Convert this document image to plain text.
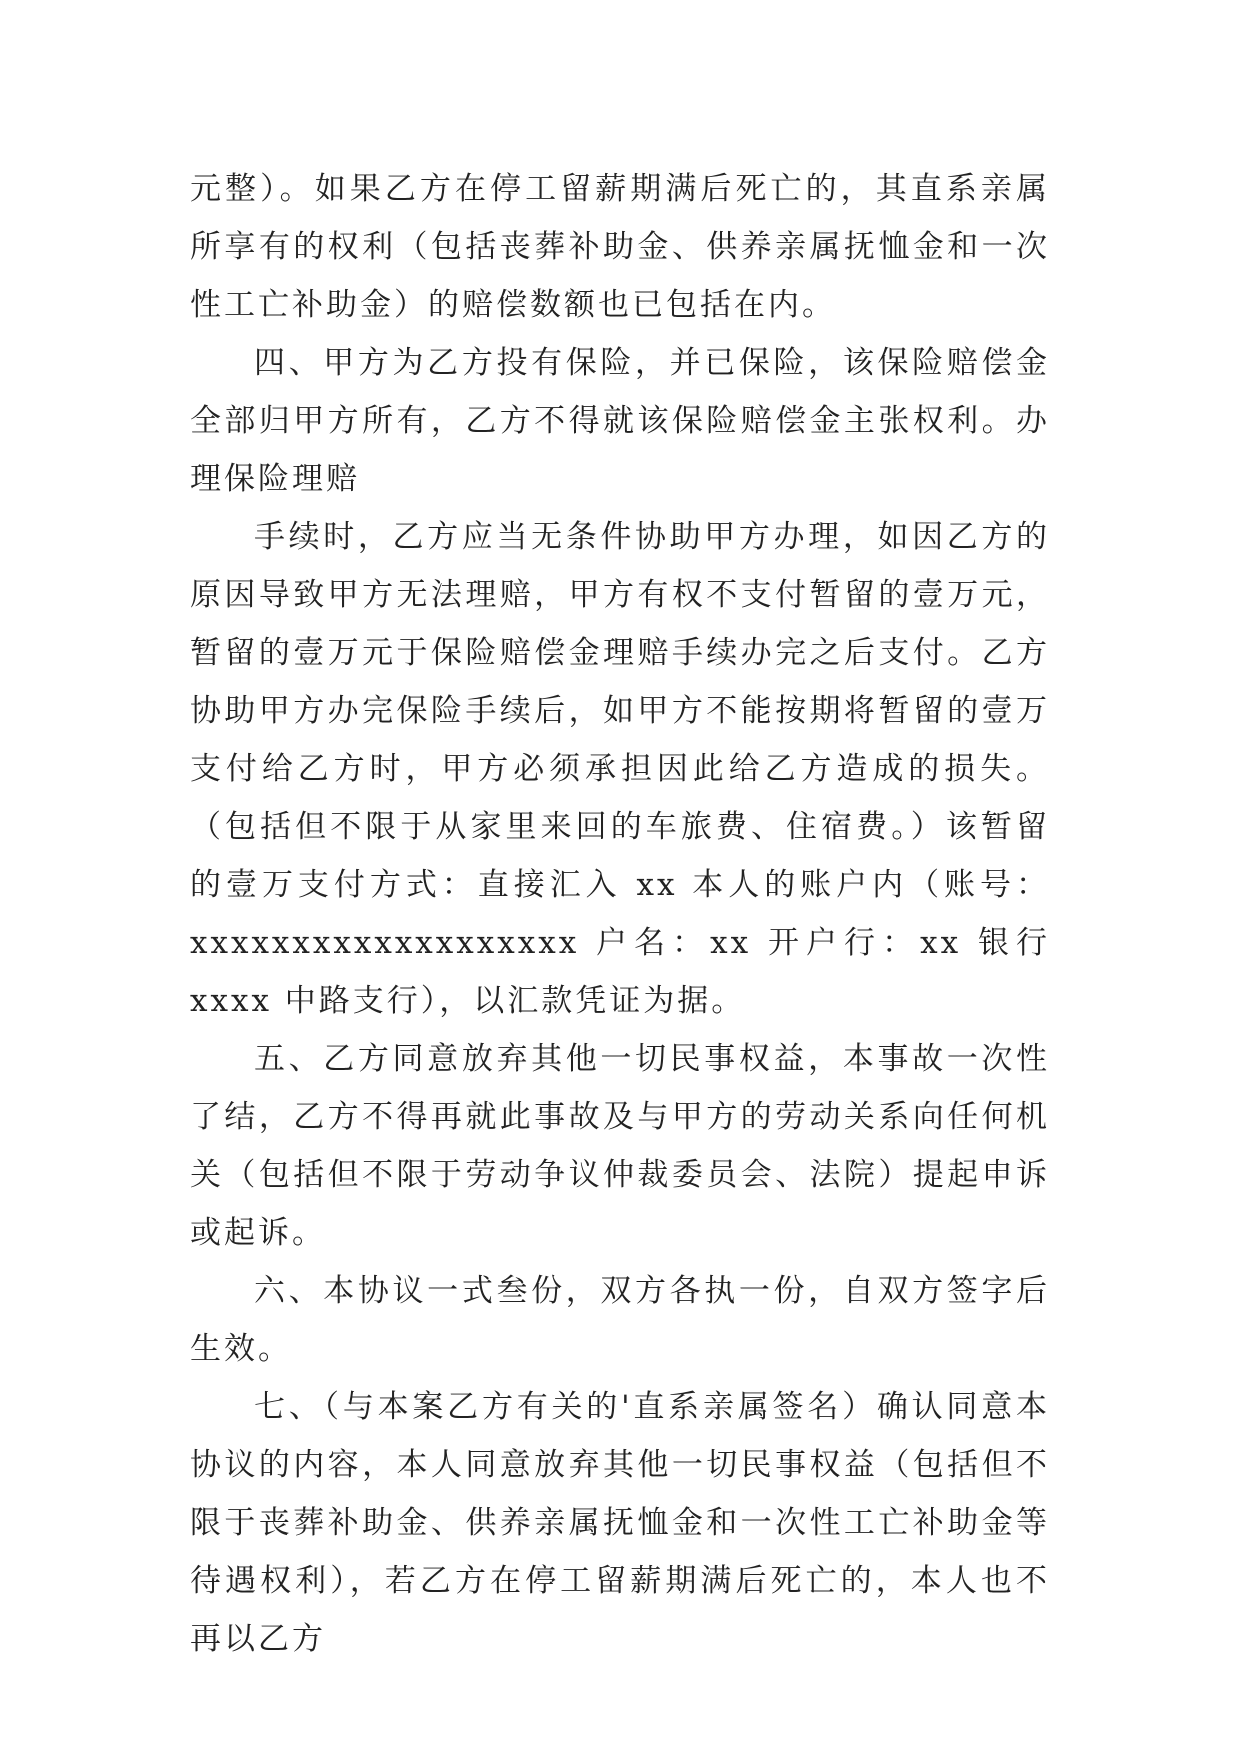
元整）。如果乙方在停工留薪期满后死亡的，其直系亲属所享有的权利（包括丧葬补助金、供养亲属抚恤金和一次性工亡补助金）的赔偿数额也已包括在内。

四、甲方为乙方投有保险，并已保险，该保险赔偿金全部归甲方所有，乙方不得就该保险赔偿金主张权利。办理保险理赔

手续时，乙方应当无条件协助甲方办理，如因乙方的原因导致甲方无法理赔，甲方有权不支付暂留的壹万元，暂留的壹万元于保险赔偿金理赔手续办完之后支付。乙方协助甲方办完保险手续后，如甲方不能按期将暂留的壹万支付给乙方时，甲方必须承担因此给乙方造成的损失。（包括但不限于从家里来回的车旅费、住宿费。）该暂留的壹万支付方式：直接汇入 xx 本人的账户内（账号：xxxxxxxxxxxxxxxxxxx 户名：xx 开户行：xx 银行 xxxx 中路支行），以汇款凭证为据。

五、乙方同意放弃其他一切民事权益，本事故一次性了结，乙方不得再就此事故及与甲方的劳动关系向任何机关（包括但不限于劳动争议仲裁委员会、法院）提起申诉或起诉。

六、本协议一式叁份，双方各执一份，自双方签字后生效。

七、（与本案乙方有关的'直系亲属签名）确认同意本协议的内容，本人同意放弃其他一切民事权益（包括但不限于丧葬补助金、供养亲属抚恤金和一次性工亡补助金等待遇权利），若乙方在停工留薪期满后死亡的，本人也不再以乙方
